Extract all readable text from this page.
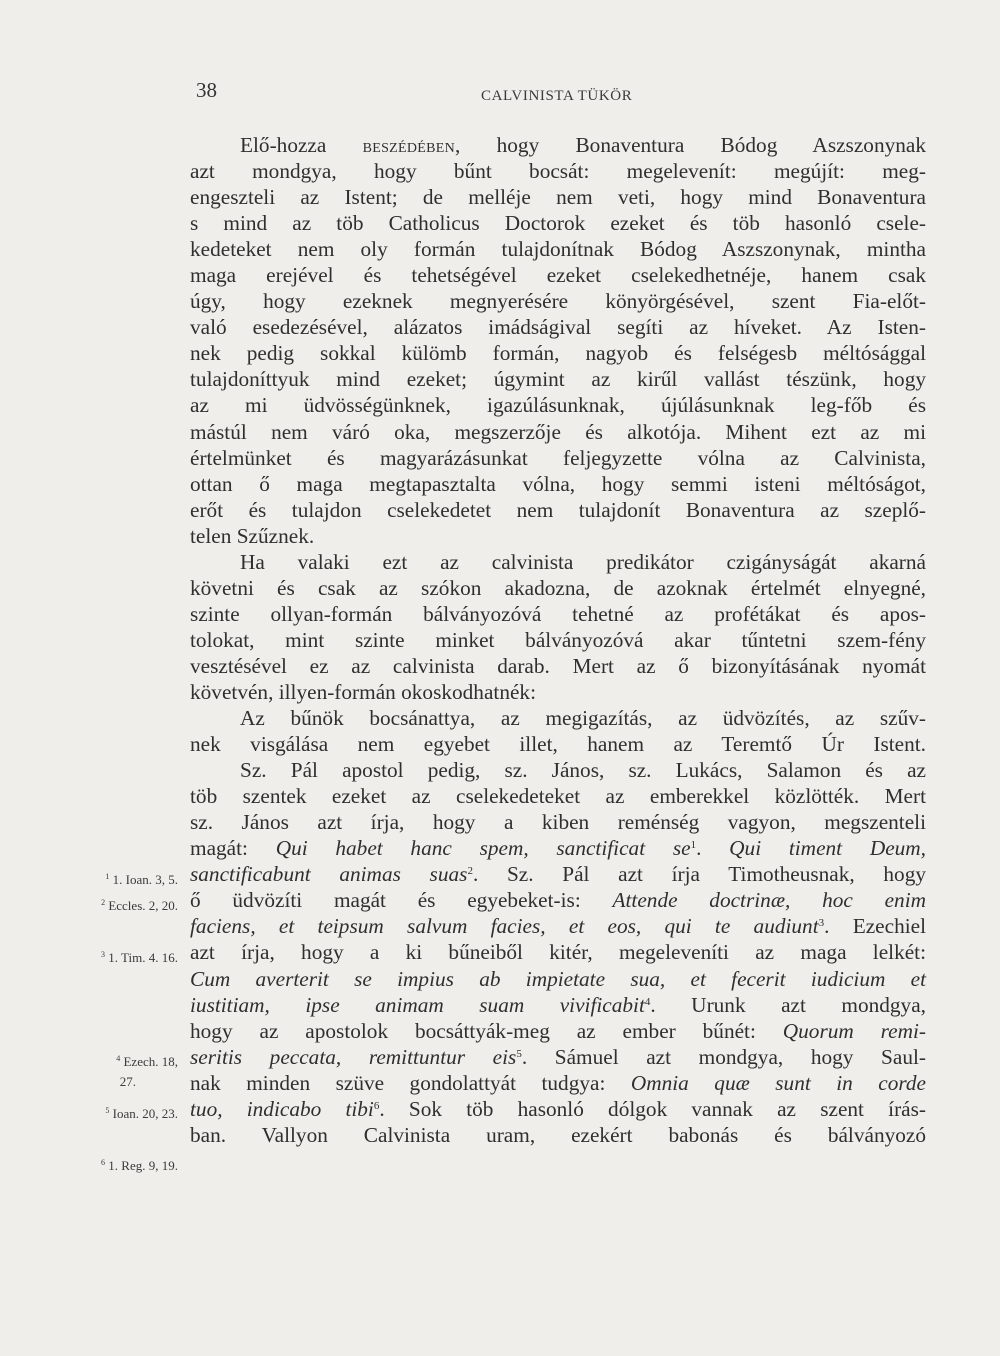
38	CALVINISTA TÜKÖR
Elő-hozza BESZÉDÉBEN, hogy Bonaventura Bódog Aszszonynak
azt mondgya, hogy bűnt bocsát: megelevenít: megújít: meg-
engeszteli az Istent; de melléje nem veti, hogy mind Bonaventura
s mind az töb Catholicus Doctorok ezeket és töb hasonló csele-
kedeteket nem oly formán tulajdonítnak Bódog Aszszonynak, mintha
maga erejével és tehetségével ezeket cselekedhetnéje, hanem csak
úgy, hogy ezeknek megnyerésére könyörgésével, szent Fia-előt-
való esedezésével, alázatos imádságival segíti az híveket. Az Isten-
nek pedig sokkal külömb formán, nagyob és felségesb méltósággal
tulajdoníttyuk mind ezeket; úgymint az kirűl vallást tészünk, hogy
az mi üdvösségünknek, igazúlásunknak, újúlásunknak leg-főb és
mástúl nem váró oka, megszerzője és alkotója. Mihent ezt az mi
értelmünket és magyarázásunkat feljegyzette vólna az Calvinista,
ottan ő maga megtapasztalta vólna, hogy semmi isteni méltóságot,
erőt és tulajdon cselekedetet nem tulajdonít Bonaventura az szeplő-
telen Szűznek.
Ha valaki ezt az calvinista predikátor czigányságát akarná
követni és csak az szókon akadozna, de azoknak értelmét elnyegné,
szinte ollyan-formán bálványozóvá tehetné az profétákat és apos-
tolokat, mint szinte minket bálványozóvá akar tűntetni szem-fény
vesztésével ez az calvinista darab. Mert az ő bizonyításának nyomát
követvén, illyen-formán okoskodhatnék:
Az bűnök bocsánattya, az megigazítás, az üdvözítés, az szűv-
nek visgálása nem egyebet illet, hanem az Teremtő Úr Istent.
Sz. Pál apostol pedig, sz. János, sz. Lukács, Salamon és az
töb szentek ezeket az cselekedeteket az emberekkel közlötték. Mert
sz. János azt írja, hogy a kiben reménség vagyon, megszenteli
magát: Qui habet hanc spem, sanctificat $se^1$. Qui timent Deum,
sanctificabunt animas suas$^2$. Sz. Pál azt írja Timotheusnak, hogy
ő üdvözíti magát és egyebeket-is: Attende doctrinæ, hoc enim
faciens, et teipsum salvum facies, et eos, qui te audiunt$^3$. Ezechiel
azt írja, hogy a ki bűneiből kitér, megeleveníti az maga lelkét:
Cum averterit se impius ab impietate sua, et fecerit iudicium et
iustitiam, ipse animam suam vivificabit$^4$. Urunk azt mondgya,
hogy az apostolok bocsáttyák-meg az ember bűnét: Quorum remi-
seritis peccata, remittuntur eis$^5$. Sámuel azt mondgya, hogy Saul-
nak minden szüve gondolattyát tudgya: Omnia quæ sunt in corde
tuo, indicabo tibi$^6$. Sok töb hasonló dólgok vannak az szent írás-
ban. Vallyon Calvinista uram, ezekért babonás és bálványozó
$^1$ 1. Ioan. 3, 5.
$^2$ Eccles. 2, 20.
$^3$ 1. Tim. 4. 16.
$^4$ Ezech. 18,
27.
$^5$ Ioan. 20, 23.
$^6$ 1. Reg. 9, 19.
